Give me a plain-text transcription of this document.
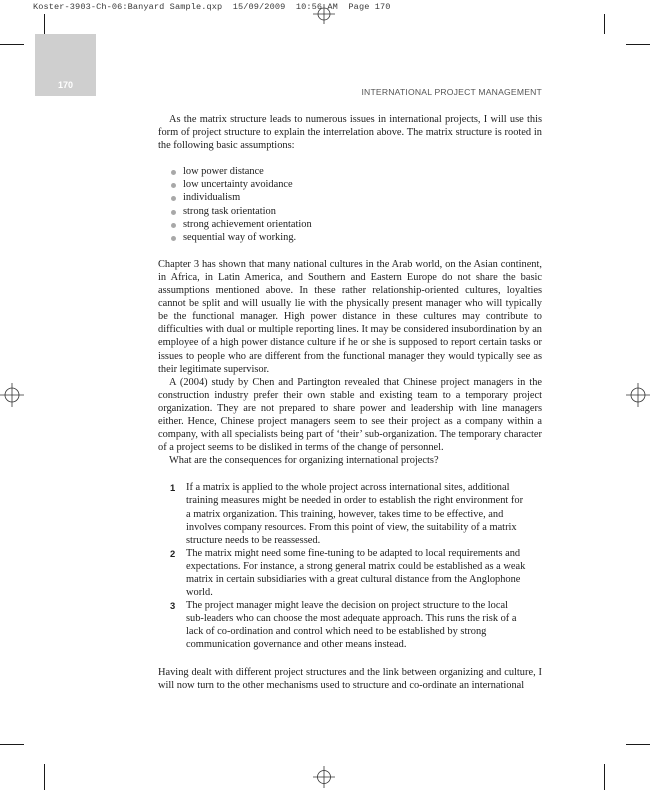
Koster-3903-Ch-06:Banyard Sample.qxp  15/09/2009  10:56 AM  Page 170
170
INTERNATIONAL PROJECT MANAGEMENT

As the matrix structure leads to numerous issues in international projects, I will use this form of project structure to explain the interrelation above. The matrix structure is rooted in the following basic assumptions:

low power distance
low uncertainty avoidance
individualism
strong task orientation
strong achievement orientation
sequential way of working.

Chapter 3 has shown that many national cultures in the Arab world, on the Asian continent, in Africa, in Latin America, and Southern and Eastern Europe do not share the basic assumptions mentioned above. In these rather relationship-oriented cultures, loyalties cannot be split and will usually lie with the physically present manager who will typically be the functional manager. High power distance in these cultures may contribute to difficulties with dual or multiple reporting lines. It may be considered insubordination by an employee of a high power distance culture if he or she is supposed to report certain tasks or issues to people who are different from the functional manager they would typically see as their legitimate supervisor.

A (2004) study by Chen and Partington revealed that Chinese project managers in the construction industry prefer their own stable and existing team to a temporary project organization. They are not prepared to share power and leadership with line managers either. Hence, Chinese project managers seem to see their project as a company within a company, with all specialists being part of ‘their’ sub-organization. The temporary character of a project seems to be disliked in terms of the change of personnel.

What are the consequences for organizing international projects?

1 If a matrix is applied to the whole project across international sites, additional training measures might be needed in order to establish the right environment for a matrix organization. This training, however, takes time to be effective, and involves company resources. From this point of view, the suitability of a matrix structure needs to be reassessed.
2 The matrix might need some fine-tuning to be adapted to local requirements and expectations. For instance, a strong general matrix could be established as a weak matrix in certain subsidiaries with a great cultural distance from the Anglophone world.
3 The project manager might leave the decision on project structure to the local sub-leaders who can choose the most adequate approach. This runs the risk of a lack of co-ordination and control which need to be established by strong communication governance and other means instead.

Having dealt with different project structures and the link between organizing and culture, I will now turn to the other mechanisms used to structure and co-ordinate an international
